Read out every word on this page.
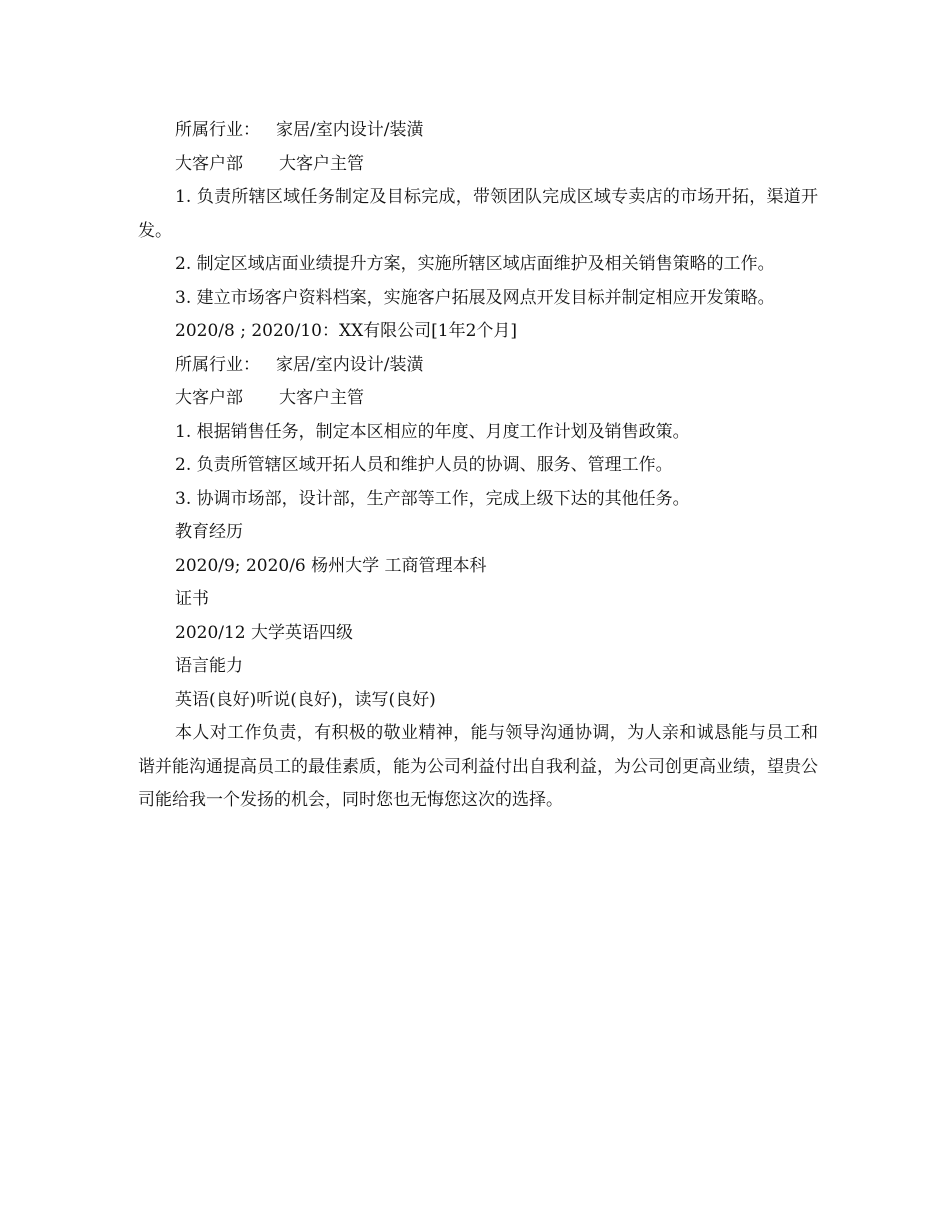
所属行业： 家居/室内设计/装潢

大客户部 大客户主管

1. 负责所辖区域任务制定及目标完成，带领团队完成区域专卖店的市场开拓，渠道开发。

2. 制定区域店面业绩提升方案，实施所辖区域店面维护及相关销售策略的工作。

3. 建立市场客户资料档案，实施客户拓展及网点开发目标并制定相应开发策略。

2020/8 ; 2020/10：XX有限公司[1年2个月]

所属行业： 家居/室内设计/装潢

大客户部 大客户主管

1. 根据销售任务，制定本区相应的年度、月度工作计划及销售政策。

2. 负责所管辖区域开拓人员和维护人员的协调、服务、管理工作。

3. 协调市场部，设计部，生产部等工作，完成上级下达的其他任务。

教育经历

2020/9; 2020/6 杨州大学 工商管理本科

证书

2020/12 大学英语四级

语言能力

英语(良好)听说(良好)，读写(良好)

本人对工作负责，有积极的敬业精神，能与领导沟通协调，为人亲和诚恳能与员工和谐并能沟通提高员工的最佳素质，能为公司利益付出自我利益，为公司创更高业绩，望贵公司能给我一个发扬的机会，同时您也无悔您这次的选择。
